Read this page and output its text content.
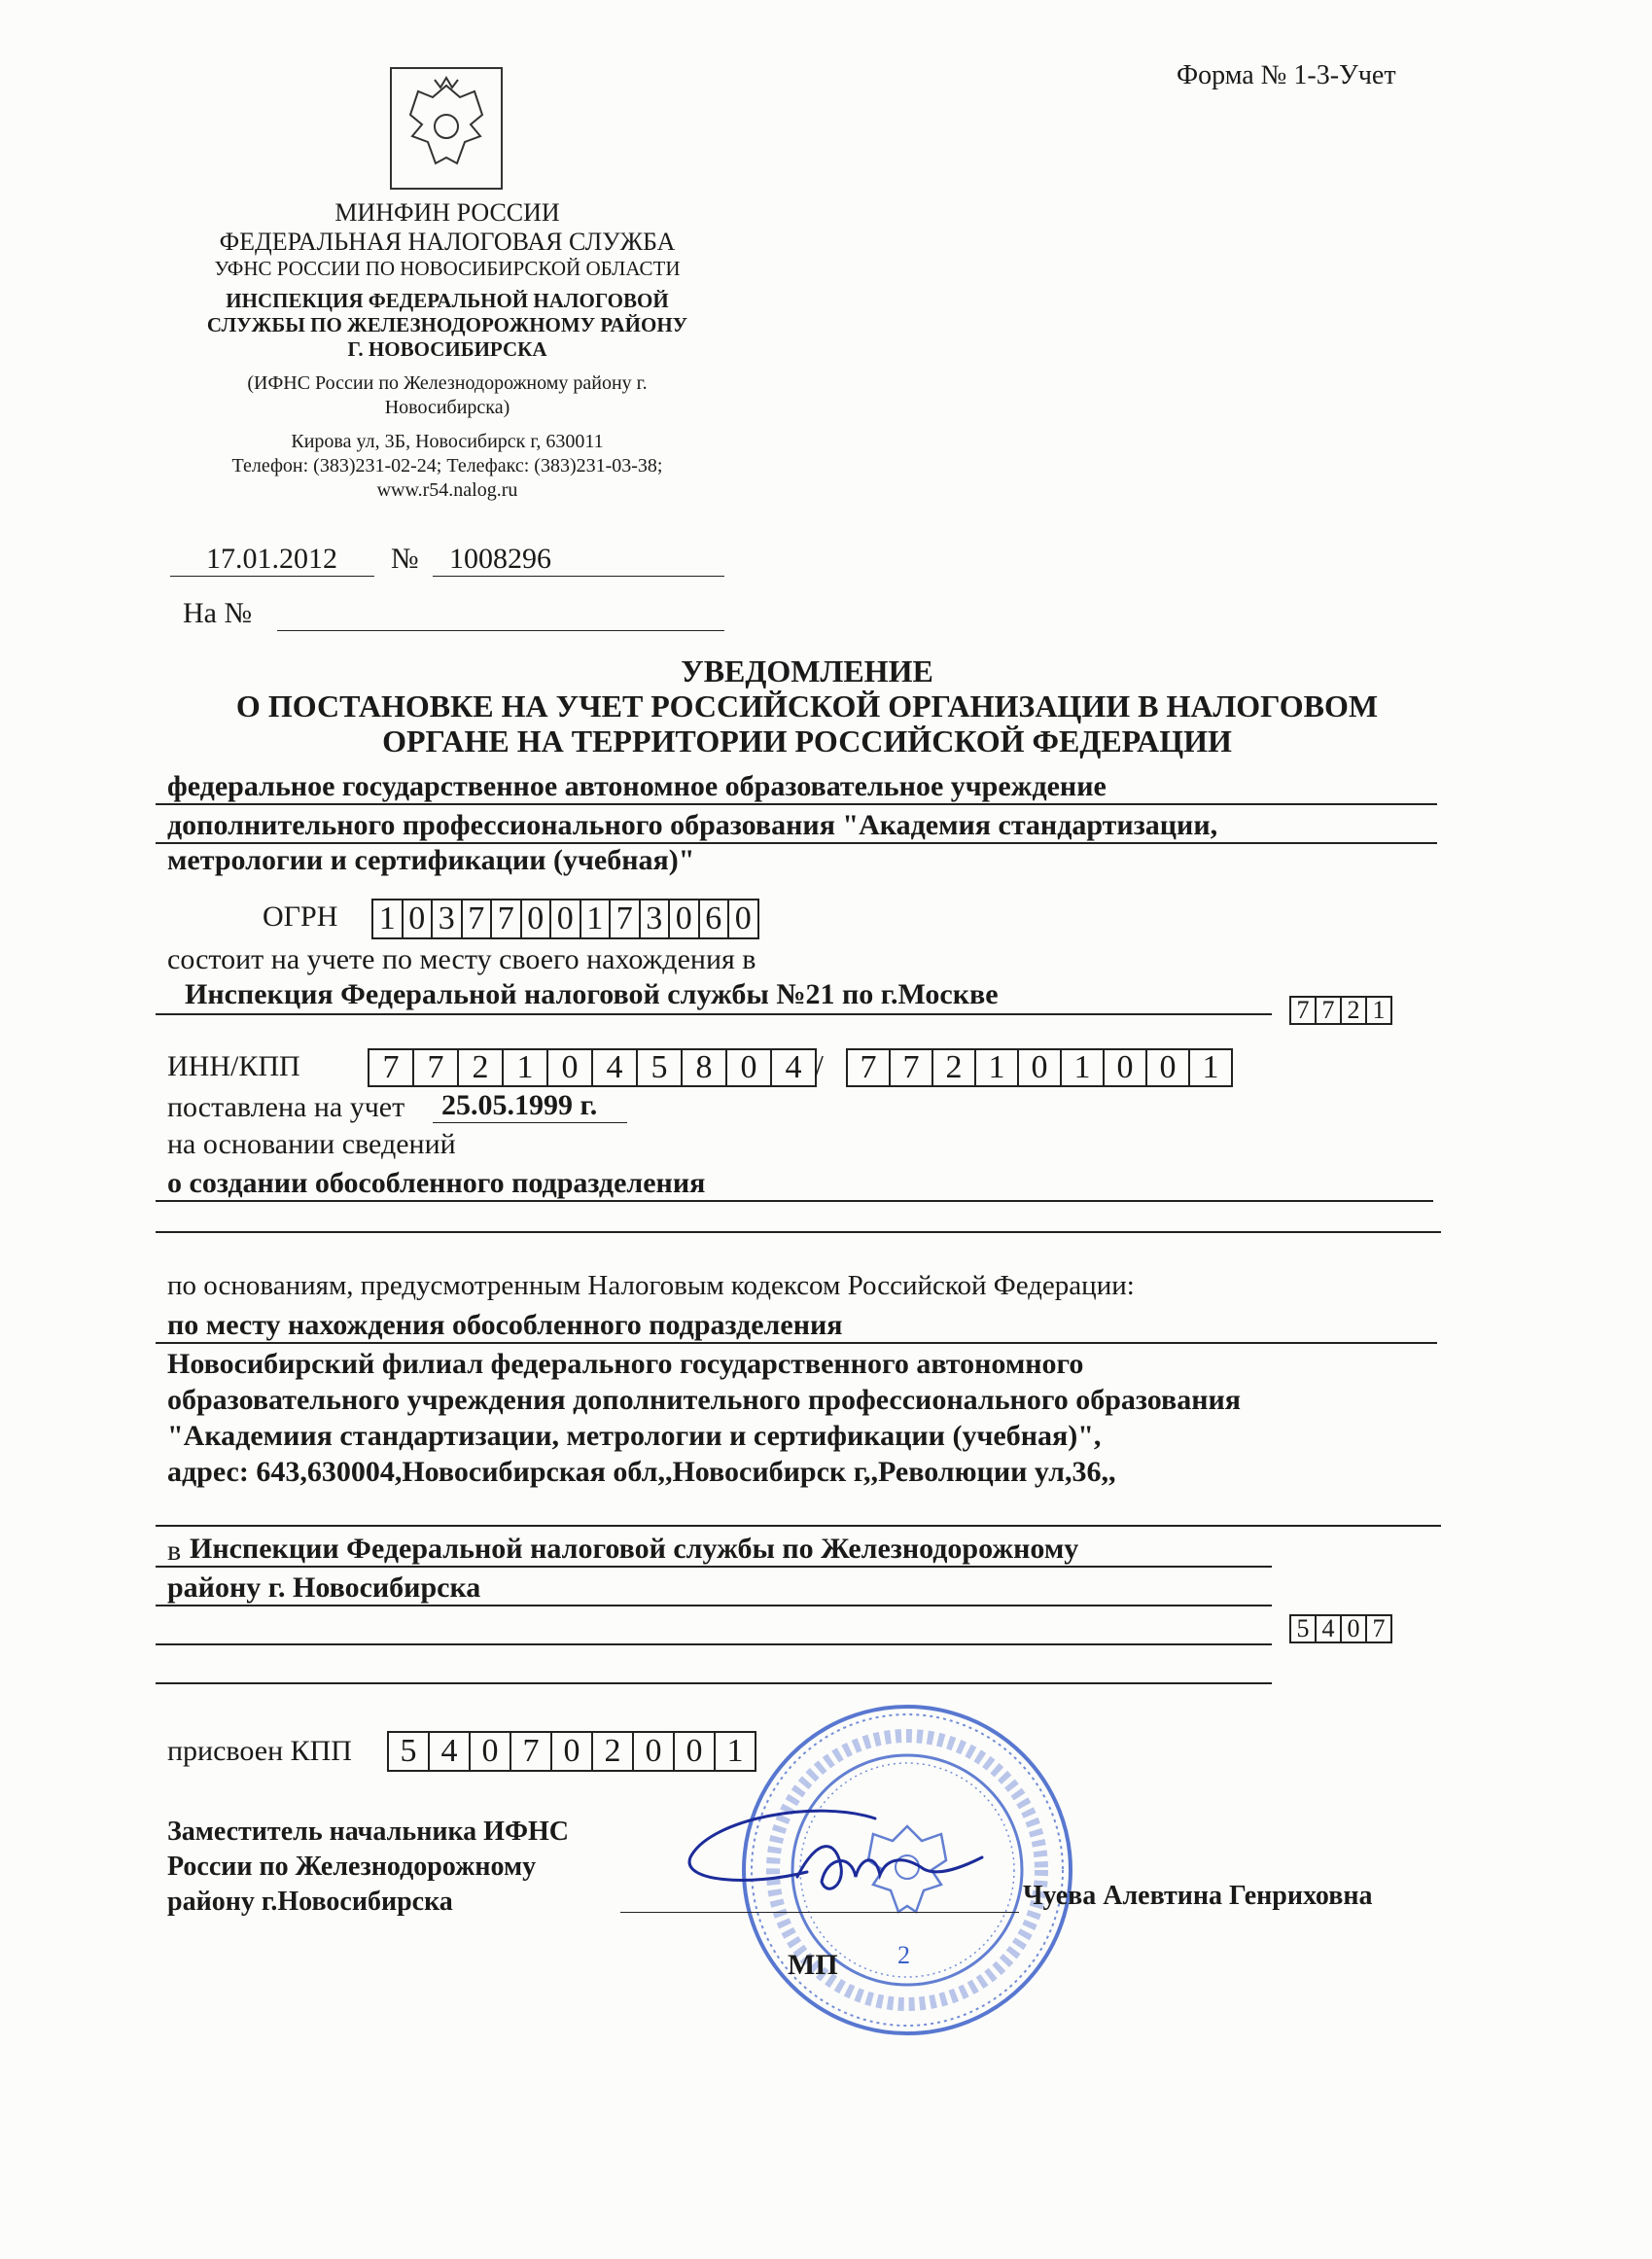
Форма № 1-3-Учет
МИНФИН РОССИИ
ФЕДЕРАЛЬНАЯ НАЛОГОВАЯ СЛУЖБА
УФНС РОССИИ ПО НОВОСИБИРСКОЙ ОБЛАСТИ
ИНСПЕКЦИЯ ФЕДЕРАЛЬНОЙ НАЛОГОВОЙ
СЛУЖБЫ ПО ЖЕЛЕЗНОДОРОЖНОМУ РАЙОНУ
Г. НОВОСИБИРСКА
(ИФНС России по Железнодорожному району г.
Новосибирска)
Кирова ул, 3Б, Новосибирск г, 630011
Телефон: (383)231-02-24; Телефакс: (383)231-03-38;
www.r54.nalog.ru
17.01.2012 № 1008296
На №
УВЕДОМЛЕНИЕ
О ПОСТАНОВКЕ НА УЧЕТ РОССИЙСКОЙ ОРГАНИЗАЦИИ В НАЛОГОВОМ
ОРГАНЕ НА ТЕРРИТОРИИ РОССИЙСКОЙ ФЕДЕРАЦИИ
федеральное государственное автономное образовательное учреждение
дополнительного профессионального образования "Академия стандартизации,
метрологии и сертификации (учебная)"
ОГРН 1 0 3 7 7 0 0 1 7 3 0 6 0
состоит на учете по месту своего нахождения в
Инспекция Федеральной налоговой службы №21 по г.Москве	7 7 2 1
ИНН/КПП	7 7 2 1 0 4 5 8 0 4 /	7 7 2 1 0 1 0 0 1
поставлена на учет 25.05.1999 г.
на основании сведений
о создании обособленного подразделения
по основаниям, предусмотренным Налоговым кодексом Российской Федерации:
по месту нахождения обособленного подразделения
Новосибирский филиал федерального государственного автономного
образовательного учреждения дополнительного профессионального образования
"Академиия стандартизации, метрологии и сертификации (учебная)",
адрес: 643,630004,Новосибирская обл,,Новосибирск г,,Революции ул,36,,
в Инспекции Федеральной налоговой службы по Железнодорожному
району г. Новосибирска
5 4 0 7
присвоен КПП	5 4 0 7 0 2 0 0 1
2
Заместитель начальника ИФНС
России по Железнодорожному
району г.Новосибирска	Чуева Алевтина Генриховна
МП
